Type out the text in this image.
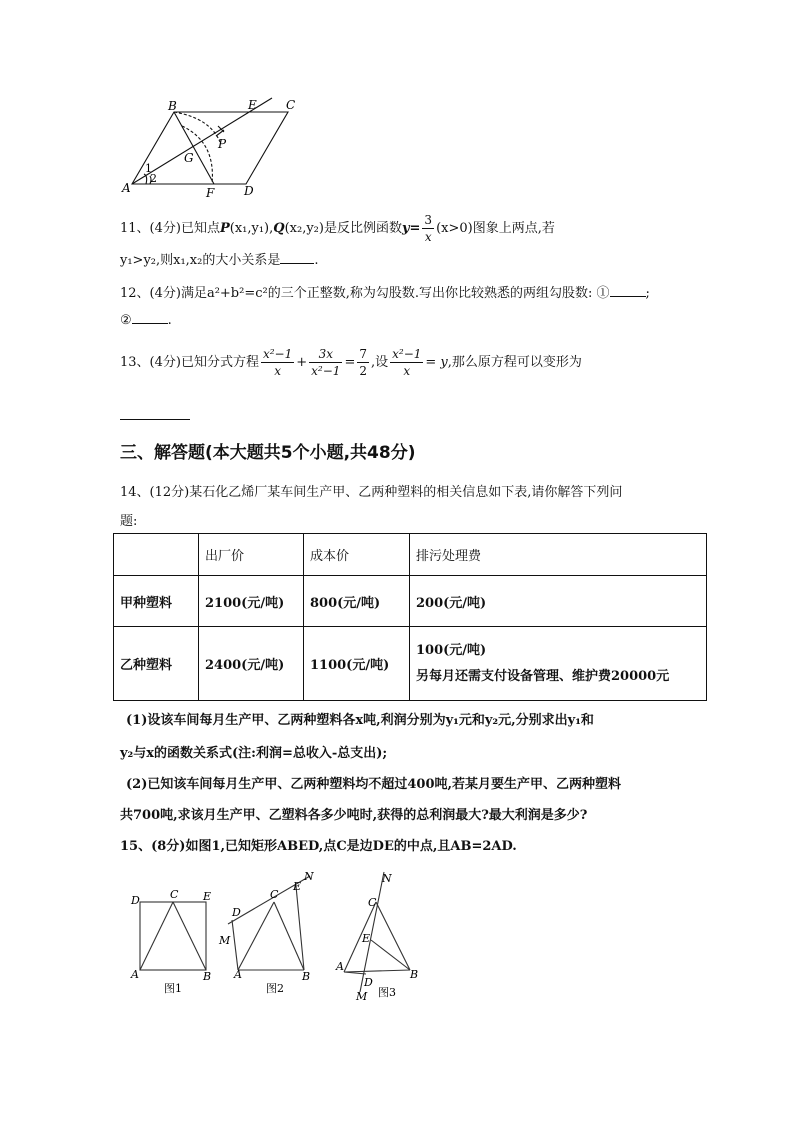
B	E C
G
P
A	F D
1
2
11、(4分)已知点P(x₁,y₁),Q(x₂,y₂)是反比例函数$y= \frac{3}{x} (x>0)$图象上两点,若
y₁>y₂,则x₁,x₂的大小关系是	.
12、(4分)满足a²+b²=c²的三个正整数,称为勾股数.写出你比较熟悉的两组勾股数: ①	;
②	.
13、(4分)已知分式方程 $\frac{\text{x²−1}}{x} + \frac{3x}{\text{x²−1}} = \frac{7}{2}$ ,设 $\frac{\text{x²−1}}{x} = y$,那么原方程可以变形为
三、解答题(本大题共5个小题,共48分)
14、(12分)某石化乙烯厂某车间生产甲、乙两种塑料的相关信息如下表,请你解答下列问
题:
	出厂价	成本价	排污处理费
甲种塑料	2100(元/吨)	800(元/吨)	200(元/吨)
乙种塑料	2400(元/吨)	1100(元/吨)	100(元/吨)
另每月还需支付设备管理、维护费20000元
(1)设该车间每月生产甲、乙两种塑料各x吨,利润分别为y₁元和y₂元,分别求出y₁和
y₂与x的函数关系式(注:利润=总收入-总支出);
(2)已知该车间每月生产甲、乙两种塑料均不超过400吨,若某月要生产甲、乙两种塑料
共700吨,求该月生产甲、乙塑料各多少吨时,获得的总利润最大?最大利润是多少?
15、(8分)如图1,已知矩形ABED,点C是边DE的中点,且AB=2AD.
D	C E
A	B
图1
D
C
E
N
M
A	B
图2
N
C
E
A
B
D
M 图3
